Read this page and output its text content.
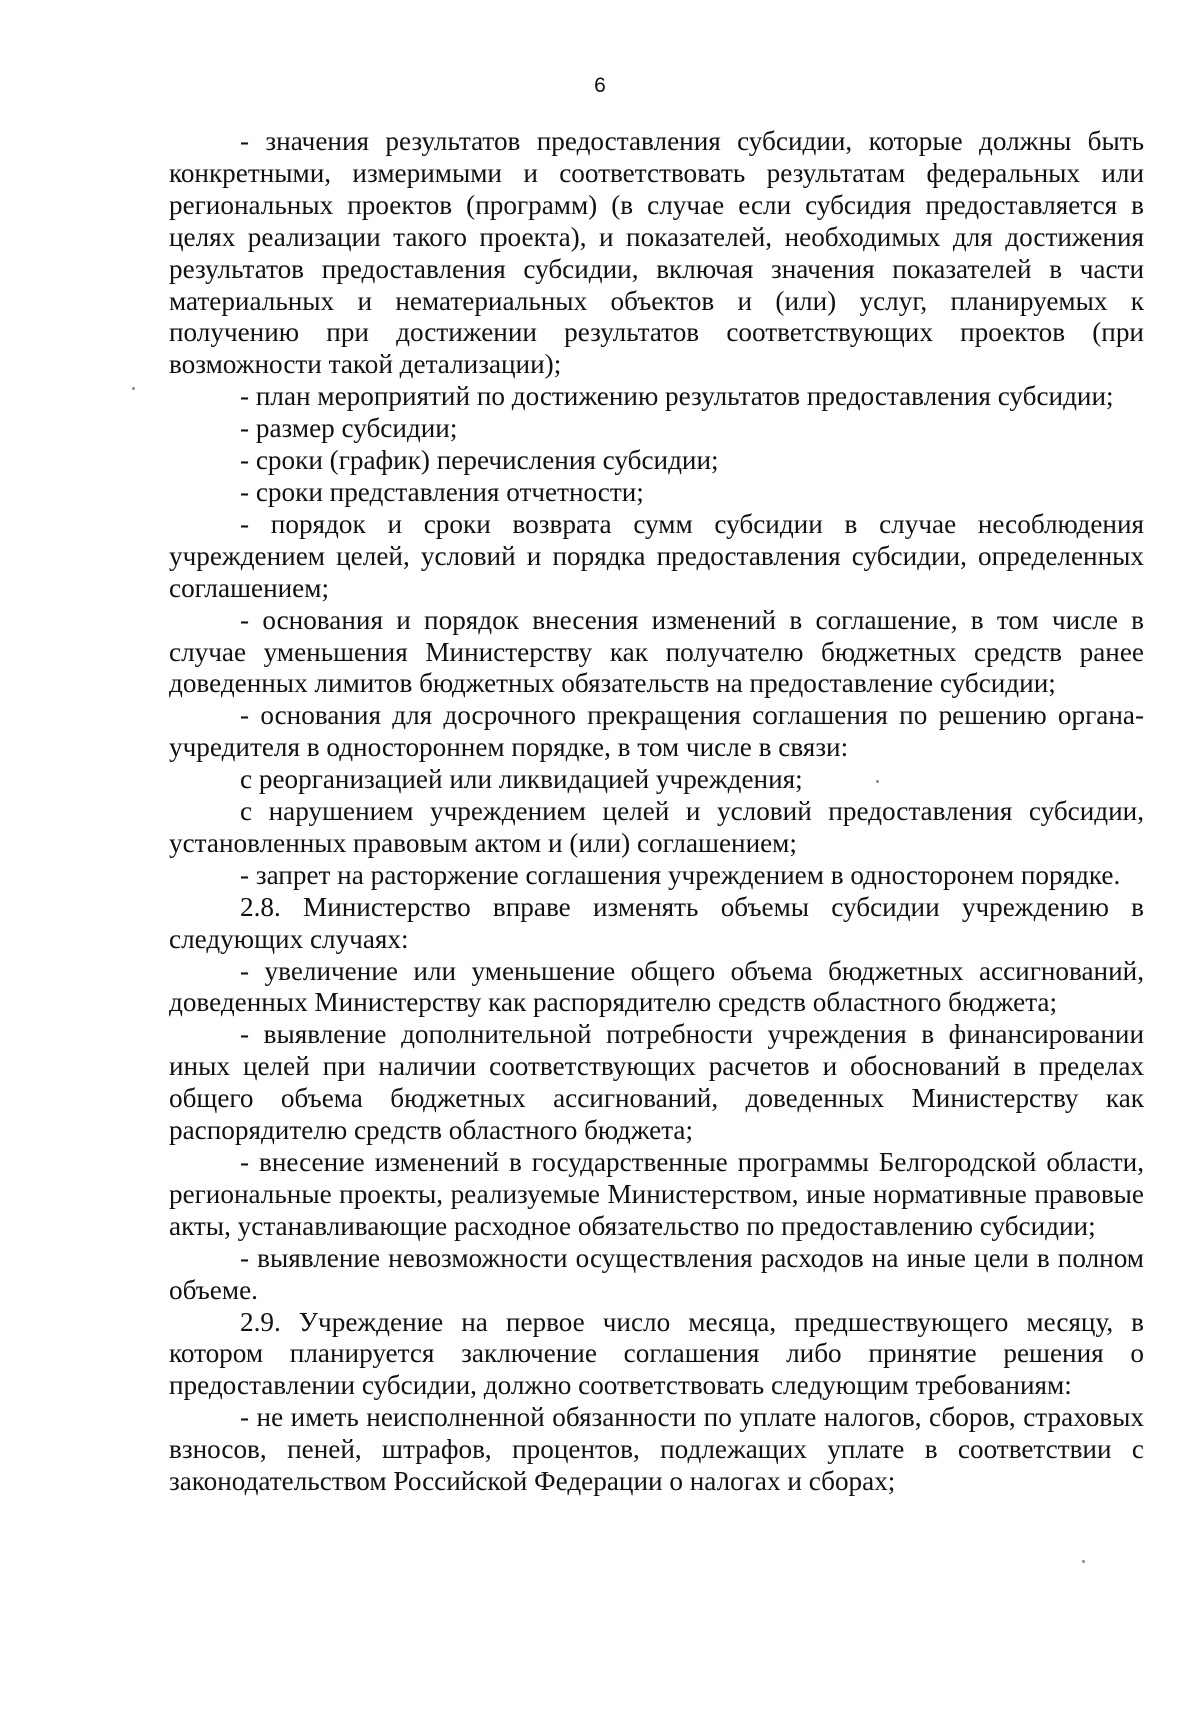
6

- значения результатов предоставления субсидии, которые должны быть конкретными, измеримыми и соответствовать результатам федеральных или региональных проектов (программ) (в случае если субсидия предоставляется в целях реализации такого проекта), и показателей, необходимых для достижения результатов предоставления субсидии, включая значения показателей в части материальных и нематериальных объектов и (или) услуг, планируемых к получению при достижении результатов соответствующих проектов (при возможности такой детализации);

- план мероприятий по достижению результатов предоставления субсидии;

- размер субсидии;

- сроки (график) перечисления субсидии;

- сроки представления отчетности;

- порядок и сроки возврата сумм субсидии в случае несоблюдения учреждением целей, условий и порядка предоставления субсидии, определенных соглашением;

- основания и порядок внесения изменений в соглашение, в том числе в случае уменьшения Министерству как получателю бюджетных средств ранее доведенных лимитов бюджетных обязательств на предоставление субсидии;

- основания для досрочного прекращения соглашения по решению органа-учредителя в одностороннем порядке, в том числе в связи:

с реорганизацией или ликвидацией учреждения;

с нарушением учреждением целей и условий предоставления субсидии, установленных правовым актом и (или) соглашением;

- запрет на расторжение соглашения учреждением в односторонем порядке.

2.8. Министерство вправе изменять объемы субсидии учреждению в следующих случаях:

- увеличение или уменьшение общего объема бюджетных ассигнований, доведенных Министерству как распорядителю средств областного бюджета;

- выявление дополнительной потребности учреждения в финансировании иных целей при наличии соответствующих расчетов и обоснований в пределах общего объема бюджетных ассигнований, доведенных Министерству как распорядителю средств областного бюджета;

- внесение изменений в государственные программы Белгородской области, региональные проекты, реализуемые Министерством, иные нормативные правовые акты, устанавливающие расходное обязательство по предоставлению субсидии;

- выявление невозможности осуществления расходов на иные цели в полном объеме.

2.9. Учреждение на первое число месяца, предшествующего месяцу, в котором планируется заключение соглашения либо принятие решения о предоставлении субсидии, должно соответствовать следующим требованиям:

- не иметь неисполненной обязанности по уплате налогов, сборов, страховых взносов, пеней, штрафов, процентов, подлежащих уплате в соответствии с законодательством Российской Федерации о налогах и сборах;
